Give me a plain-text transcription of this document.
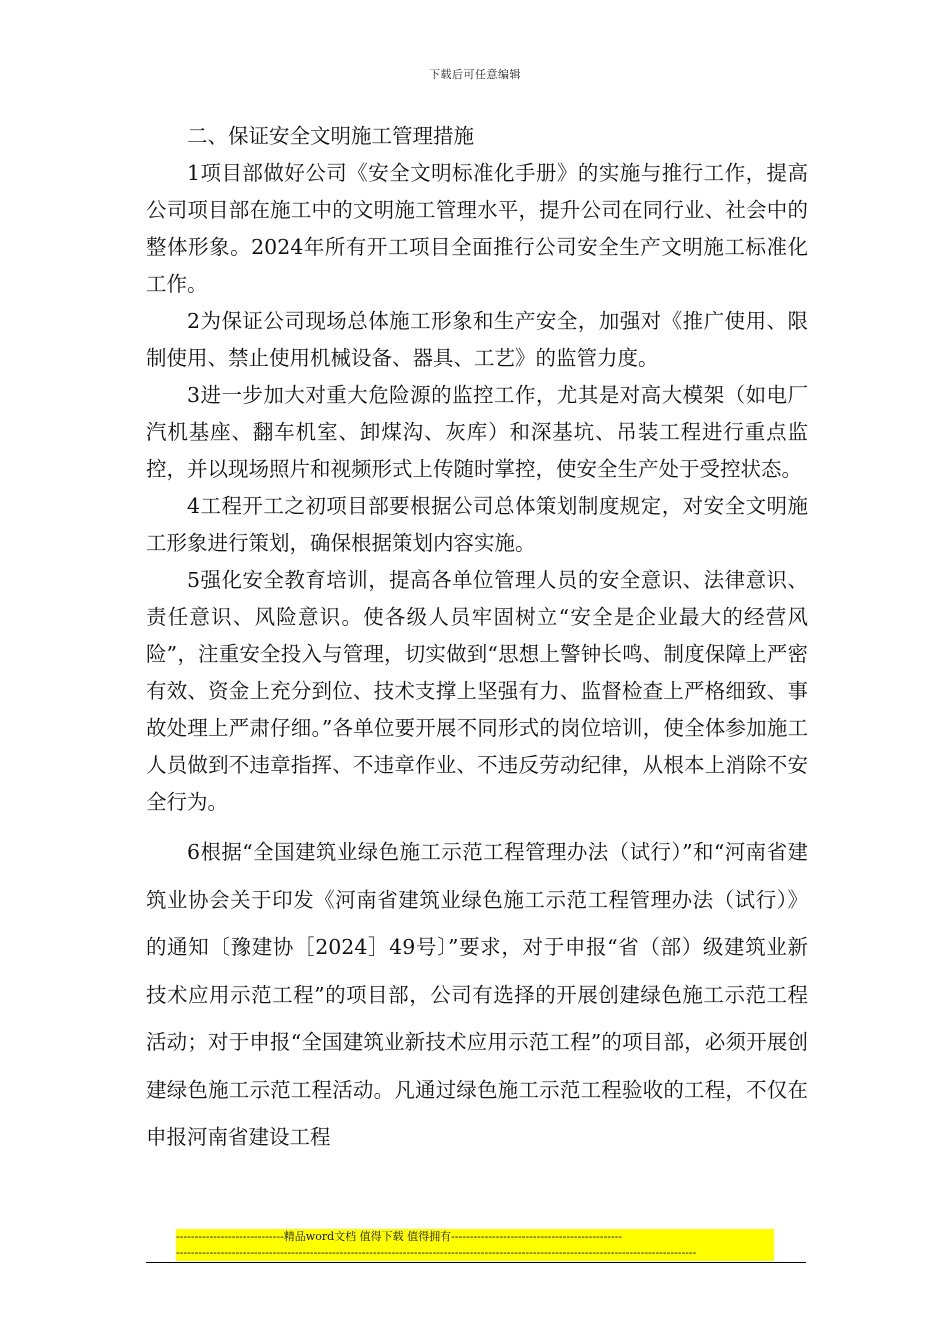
下载后可任意编辑

二、保证安全文明施工管理措施

1项目部做好公司《安全文明标准化手册》的实施与推行工作，提高公司项目部在施工中的文明施工管理水平，提升公司在同行业、社会中的整体形象。2024年所有开工项目全面推行公司安全生产文明施工标准化工作。

2为保证公司现场总体施工形象和生产安全，加强对《推广使用、限制使用、禁止使用机械设备、器具、工艺》的监管力度。

3进一步加大对重大危险源的监控工作，尤其是对高大模架（如电厂汽机基座、翻车机室、卸煤沟、灰库）和深基坑、吊装工程进行重点监控，并以现场照片和视频形式上传随时掌控，使安全生产处于受控状态。

4工程开工之初项目部要根据公司总体策划制度规定，对安全文明施工形象进行策划，确保根据策划内容实施。

5强化安全教育培训，提高各单位管理人员的安全意识、法律意识、责任意识、风险意识。使各级人员牢固树立“安全是企业最大的经营风险”，注重安全投入与管理，切实做到“思想上警钟长鸣、制度保障上严密有效、资金上充分到位、技术支撑上坚强有力、监督检查上严格细致、事故处理上严肃仔细。”各单位要开展不同形式的岗位培训，使全体参加施工人员做到不违章指挥、不违章作业、不违反劳动纪律，从根本上消除不安全行为。

6根据“全国建筑业绿色施工示范工程管理办法（试行）”和“河南省建筑业协会关于印发《河南省建筑业绿色施工示范工程管理办法（试行）》的通知〔豫建协［2024］49号〕”要求，对于申报“省（部）级建筑业新技术应用示范工程”的项目部，公司有选择的开展创建绿色施工示范工程活动；对于申报“全国建筑业新技术应用示范工程”的项目部，必须开展创建绿色施工示范工程活动。凡通过绿色施工示范工程验收的工程，不仅在申报河南省建设工程

-----------------------------精品word文档 值得下载 值得拥有----------------------------------------------
--------------------------------------------------------------------------------------------------------------------------------------------
